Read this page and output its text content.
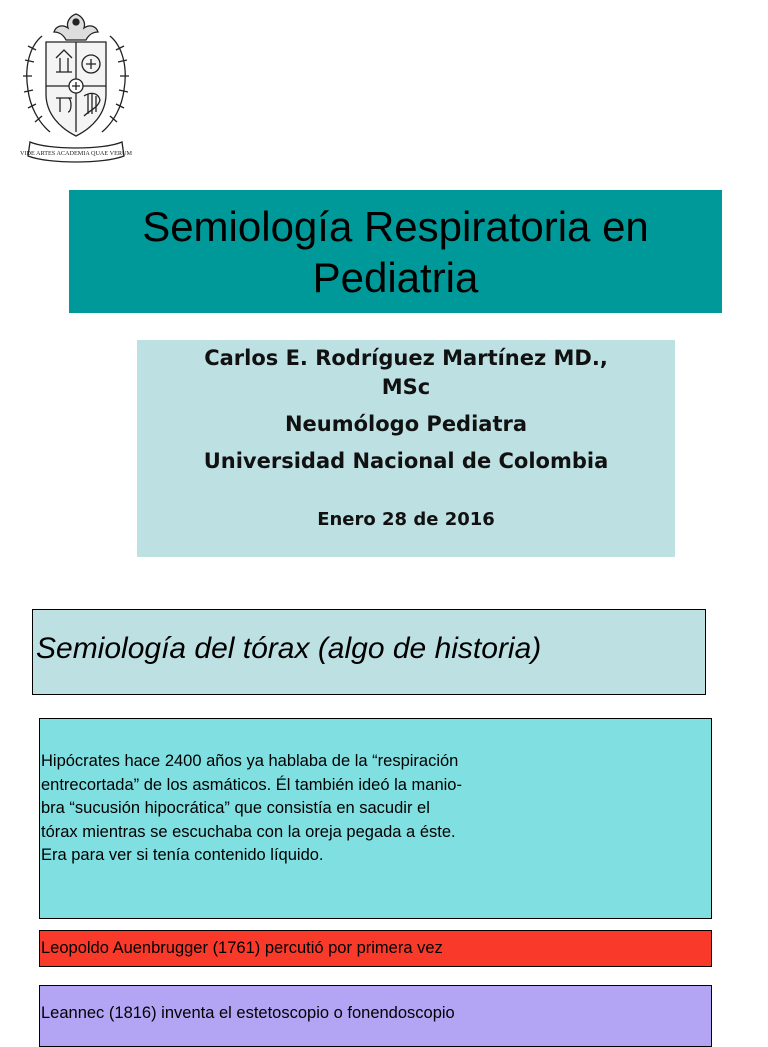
VIDE ARTES ACADEMIA QUAE VERUM
Semiología Respiratoria en
Pediatria
Carlos E. Rodríguez Martínez MD.,
MSc
Neumólogo Pediatra
Universidad Nacional de Colombia
Enero 28 de 2016
Semiología del tórax (algo de historia)

Hipócrates hace 2400 años ya hablaba de la “respiración
entrecortada” de los asmáticos. Él también ideó la manio-
bra “sucusión hipocrática” que consistía en sacudir el
tórax mientras se escuchaba con la oreja pegada a éste.
Era para ver si tenía contenido líquido.

Leopoldo Auenbrugger (1761) percutió por primera vez
Leannec (1816) inventa el estetoscopio o fonendoscopio
